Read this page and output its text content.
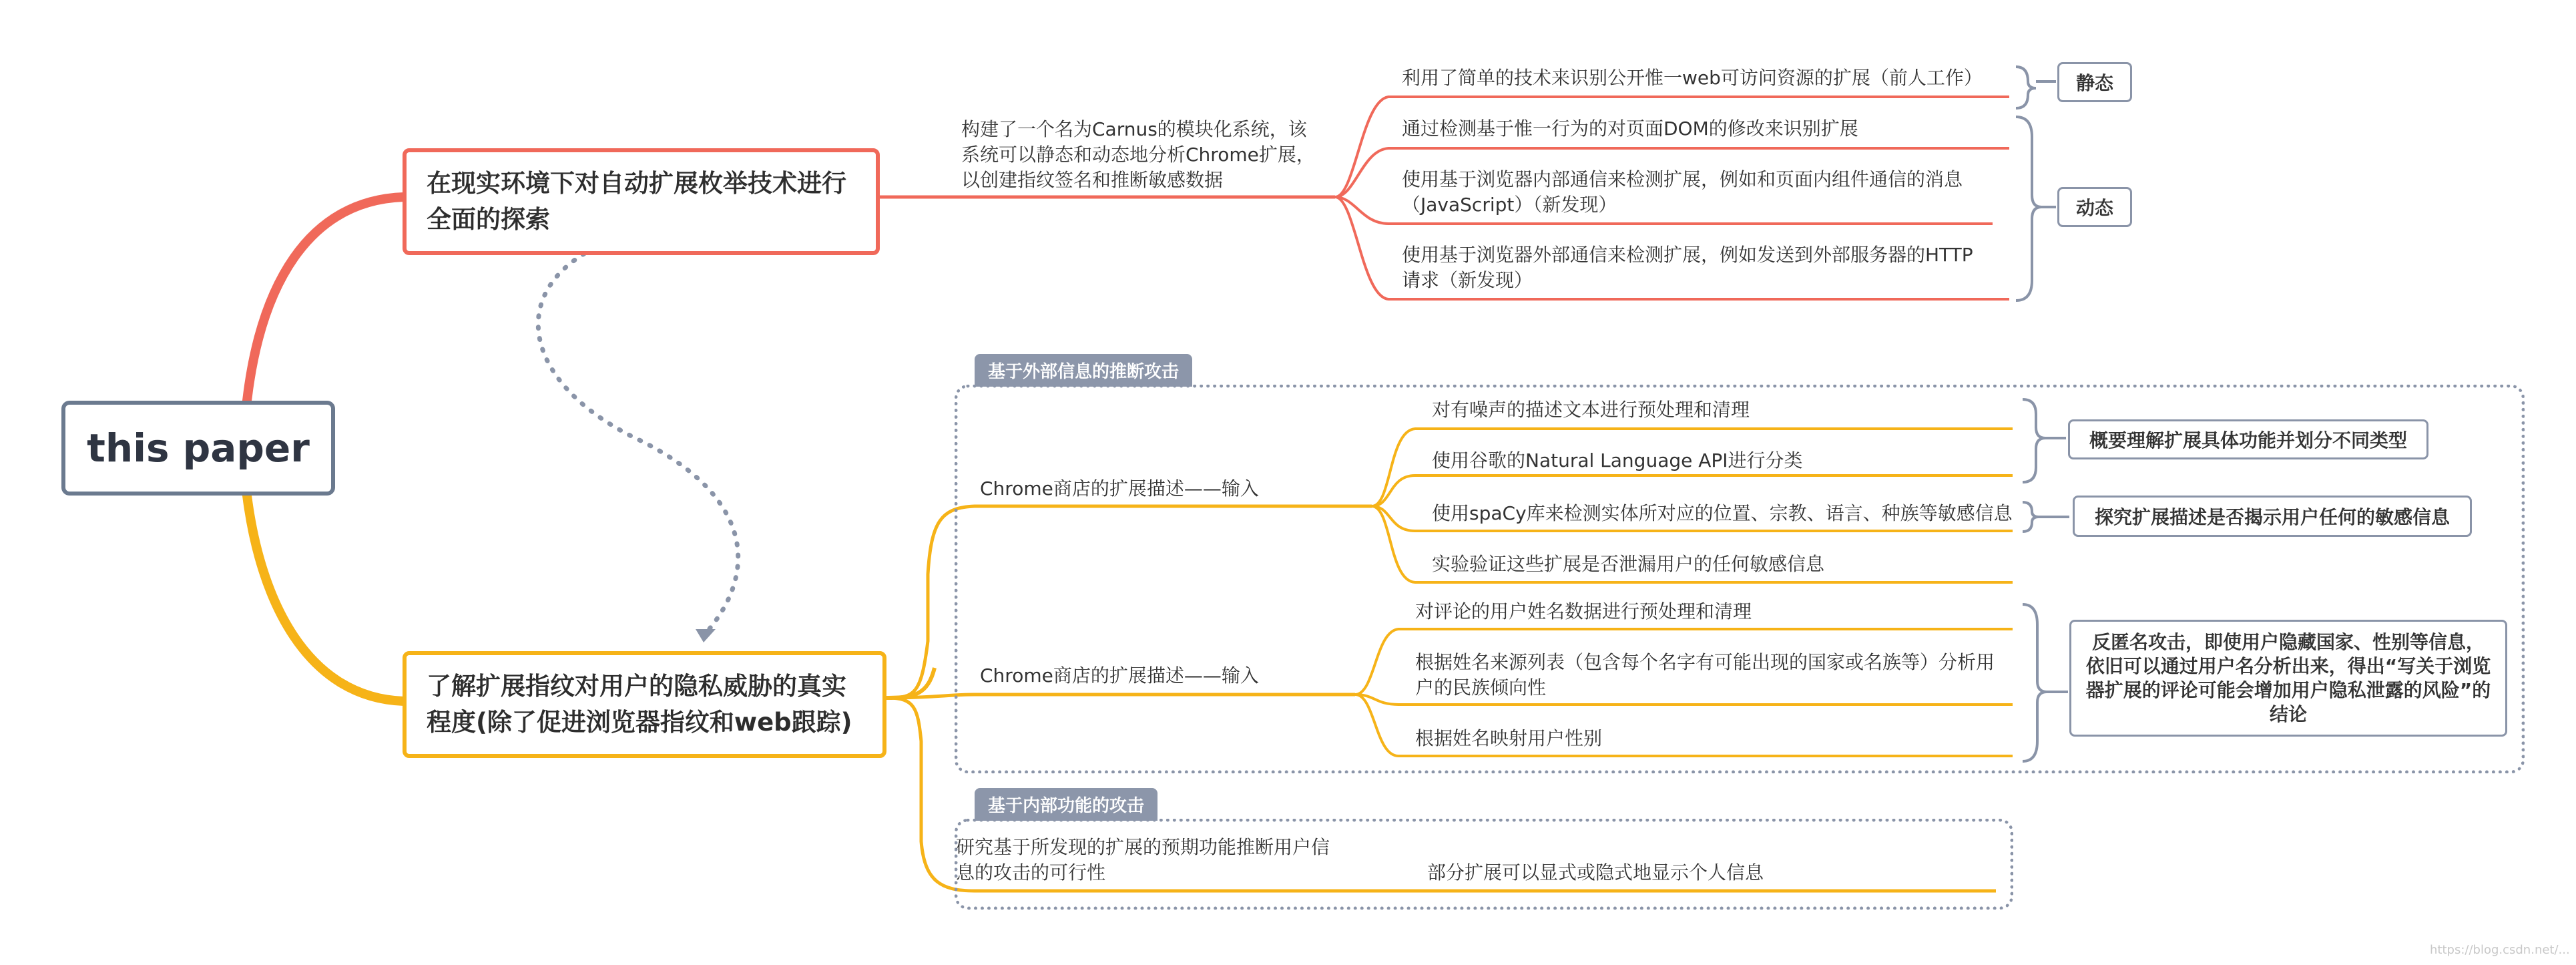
this paper
在现实环境下对自动扩展枚举技术进行全面的探索
构建了一个名为Carnus的模块化系统，该系统可以静态和动态地分析Chrome扩展，以创建指纹签名和推断敏感数据
利用了简单的技术来识别公开惟一web可访问资源的扩展（前人工作）
通过检测基于惟一行为的对页面DOM的修改来识别扩展
使用基于浏览器内部通信来检测扩展，例如和页面内组件通信的消息（JavaScript）（新发现）
使用基于浏览器外部通信来检测扩展，例如发送到外部服务器的HTTP请求（新发现）
静态
动态
了解扩展指纹对用户的隐私威胁的真实程度(除了促进浏览器指纹和web跟踪)
基于外部信息的推断攻击
Chrome商店的扩展描述——输入
对有噪声的描述文本进行预处理和清理
使用谷歌的Natural Language API进行分类
使用spaCy库来检测实体所对应的位置、宗教、语言、种族等敏感信息
实验验证这些扩展是否泄漏用户的任何敏感信息
概要理解扩展具体功能并划分不同类型
探究扩展描述是否揭示用户任何的敏感信息
Chrome商店的扩展描述——输入
对评论的用户姓名数据进行预处理和清理
根据姓名来源列表（包含每个名字有可能出现的国家或名族等）分析用户的民族倾向性
根据姓名映射用户性别
反匿名攻击，即使用户隐藏国家、性别等信息，依旧可以通过用户名分析出来，得出“写关于浏览器扩展的评论可能会增加用户隐私泄露的风险”的结论
基于内部功能的攻击
研究基于所发现的扩展的预期功能推断用户信息的攻击的可行性	部分扩展可以显式或隐式地显示个人信息
https://blog.csdn.net/...
